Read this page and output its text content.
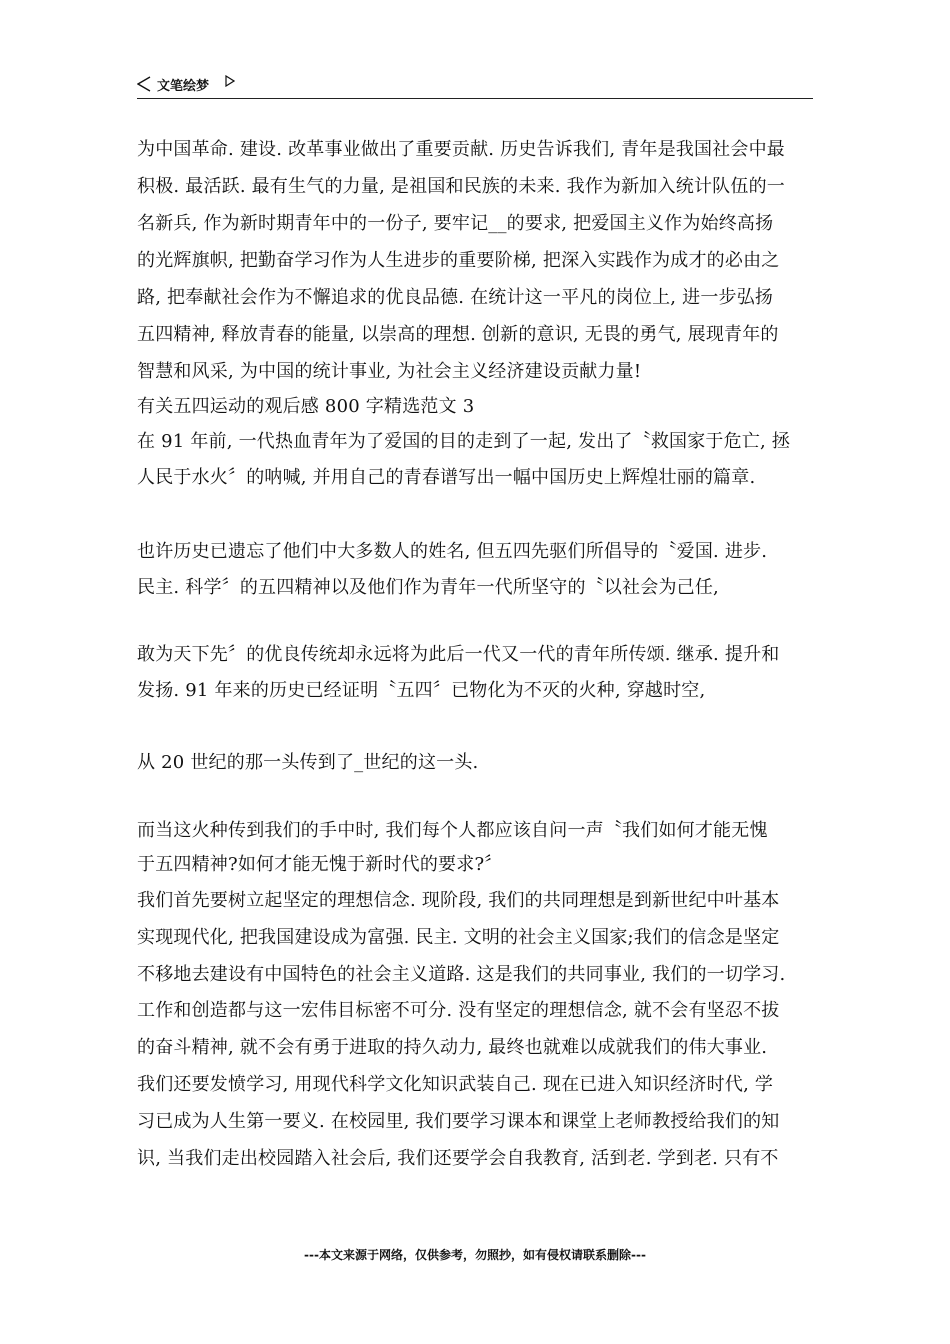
文笔绘梦
为中国革命. 建设. 改革事业做出了重要贡献. 历史告诉我们, 青年是我国社会中最
积极. 最活跃. 最有生气的力量, 是祖国和民族的未来. 我作为新加入统计队伍的一
名新兵, 作为新时期青年中的一份子, 要牢记__的要求, 把爱国主义作为始终高扬
的光辉旗帜, 把勤奋学习作为人生进步的重要阶梯, 把深入实践作为成才的必由之
路, 把奉献社会作为不懈追求的优良品德. 在统计这一平凡的岗位上, 进一步弘扬
五四精神, 释放青春的能量, 以崇高的理想. 创新的意识, 无畏的勇气, 展现青年的
智慧和风采, 为中国的统计事业, 为社会主义经济建设贡献力量!
有关五四运动的观后感 800 字精选范文 3
在 91 年前, 一代热血青年为了爱国的目的走到了一起, 发出了〝救国家于危亡, 拯
人民于水火〞的呐喊, 并用自己的青春谱写出一幅中国历史上辉煌壮丽的篇章.
也许历史已遗忘了他们中大多数人的姓名, 但五四先驱们所倡导的〝爱国. 进步.
民主. 科学〞的五四精神以及他们作为青年一代所坚守的〝以社会为己任,
敢为天下先〞的优良传统却永远将为此后一代又一代的青年所传颂. 继承. 提升和
发扬. 91 年来的历史已经证明〝五四〞已物化为不灭的火种, 穿越时空,
从 20 世纪的那一头传到了_世纪的这一头.
而当这火种传到我们的手中时, 我们每个人都应该自问一声〝我们如何才能无愧
于五四精神?如何才能无愧于新时代的要求?〞
我们首先要树立起坚定的理想信念. 现阶段, 我们的共同理想是到新世纪中叶基本
实现现代化, 把我国建设成为富强. 民主. 文明的社会主义国家;我们的信念是坚定
不移地去建设有中国特色的社会主义道路. 这是我们的共同事业, 我们的一切学习.
工作和创造都与这一宏伟目标密不可分. 没有坚定的理想信念, 就不会有坚忍不拔
的奋斗精神, 就不会有勇于进取的持久动力, 最终也就难以成就我们的伟大事业.
我们还要发愤学习, 用现代科学文化知识武装自己. 现在已进入知识经济时代, 学
习已成为人生第一要义. 在校园里, 我们要学习课本和课堂上老师教授给我们的知
识, 当我们走出校园踏入社会后, 我们还要学会自我教育, 活到老. 学到老. 只有不
---本文来源于网络，仅供参考，勿照抄，如有侵权请联系删除---
